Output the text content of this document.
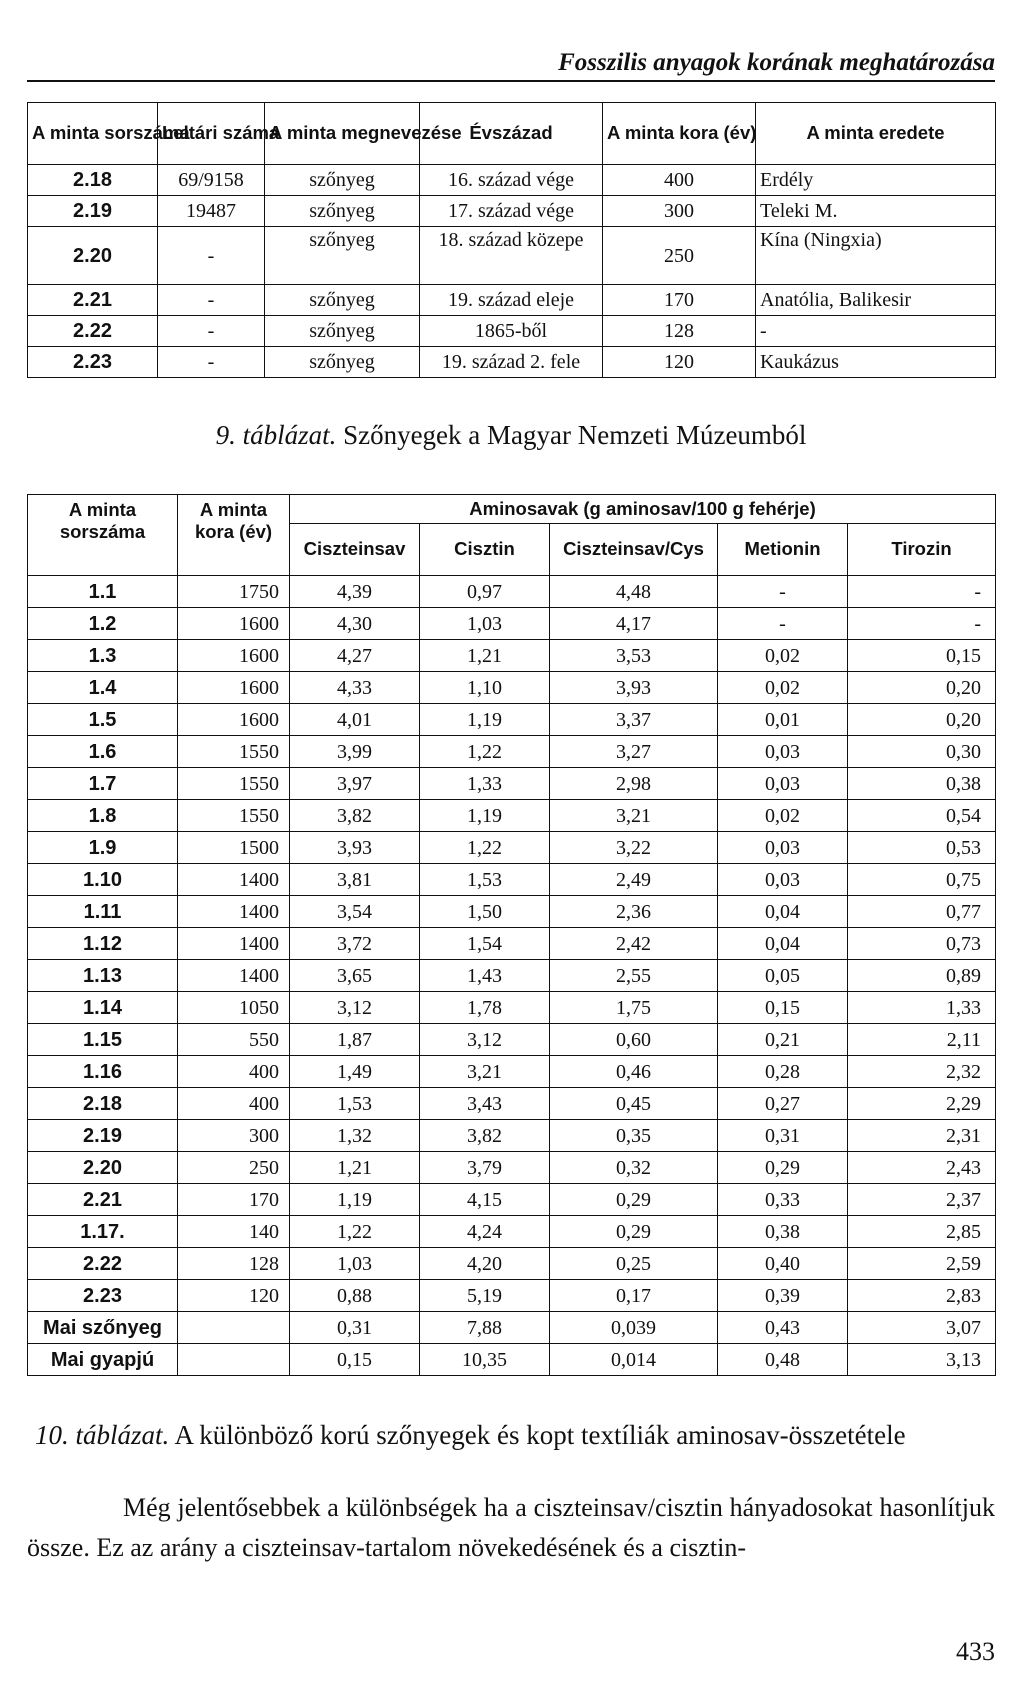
Fosszilis anyagok korának meghatározása
A minta sorszáma	Leltári száma	A minta megnevezése	Évszázad	A minta kora (év)	A minta eredete
2.18	69/9158	szőnyeg	16. század vége	400	Erdély
2.19	19487	szőnyeg	17. század vége	300	Teleki M.
2.20	-	szőnyeg	18. század közepe	250	Kína (Ningxia)
2.21	-	szőnyeg	19. század eleje	170	Anatólia, Balikesir
2.22	-	szőnyeg	1865-ből	128	-
2.23	-	szőnyeg	19. század 2. fele	120	Kaukázus
9. táblázat. Szőnyegek a Magyar Nemzeti Múzeumból
A minta sorszáma	A minta kora (év)	Aminosavak (g aminosav/100 g fehérje)				
		Ciszteinsav	Cisztin	Ciszteinsav/Cys	Metionin	Tirozin
1.1	1750	4,39	0,97	4,48	-	-
1.2	1600	4,30	1,03	4,17	-	-
1.3	1600	4,27	1,21	3,53	0,02	0,15
1.4	1600	4,33	1,10	3,93	0,02	0,20
1.5	1600	4,01	1,19	3,37	0,01	0,20
1.6	1550	3,99	1,22	3,27	0,03	0,30
1.7	1550	3,97	1,33	2,98	0,03	0,38
1.8	1550	3,82	1,19	3,21	0,02	0,54
1.9	1500	3,93	1,22	3,22	0,03	0,53
1.10	1400	3,81	1,53	2,49	0,03	0,75
1.11	1400	3,54	1,50	2,36	0,04	0,77
1.12	1400	3,72	1,54	2,42	0,04	0,73
1.13	1400	3,65	1,43	2,55	0,05	0,89
1.14	1050	3,12	1,78	1,75	0,15	1,33
1.15	550	1,87	3,12	0,60	0,21	2,11
1.16	400	1,49	3,21	0,46	0,28	2,32
2.18	400	1,53	3,43	0,45	0,27	2,29
2.19	300	1,32	3,82	0,35	0,31	2,31
2.20	250	1,21	3,79	0,32	0,29	2,43
2.21	170	1,19	4,15	0,29	0,33	2,37
1.17.	140	1,22	4,24	0,29	0,38	2,85
2.22	128	1,03	4,20	0,25	0,40	2,59
2.23	120	0,88	5,19	0,17	0,39	2,83
Mai szőnyeg		0,31	7,88	0,039	0,43	3,07
Mai gyapjú		0,15	10,35	0,014	0,48	3,13
10. táblázat. A különböző korú szőnyegek és kopt textíliák aminosav-összetétele
Még jelentősebbek a különbségek ha a ciszteinsav/cisztin hányadosokat hasonlítjuk össze. Ez az arány a ciszteinsav-tartalom növekedésének és a cisztin-
433
